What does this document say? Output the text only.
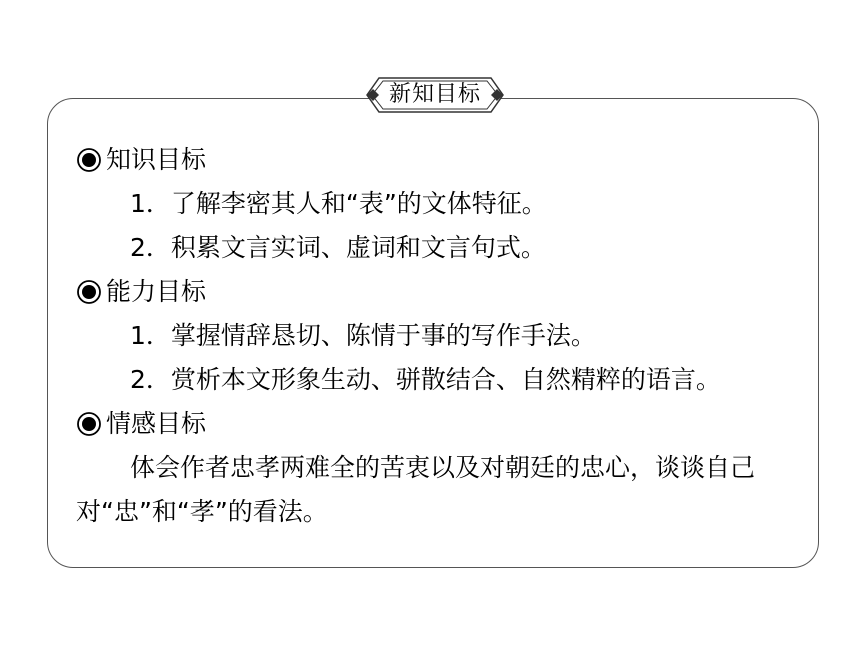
新知目标
知识目标
1．了解李密其人和“表”的文体特征。
2．积累文言实词、虚词和文言句式。
能力目标
1．掌握情辞恳切、陈情于事的写作手法。
2．赏析本文形象生动、骈散结合、自然精粹的语言。
情感目标
体会作者忠孝两难全的苦衷以及对朝廷的忠心，谈谈自己对“忠”和“孝”的看法。
